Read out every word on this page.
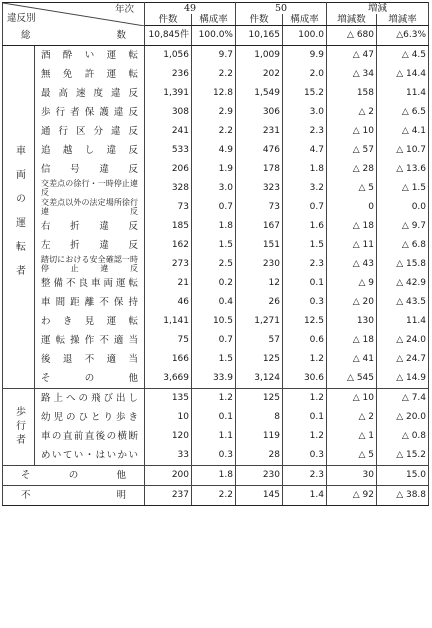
年次
違反別		49		50		増減	
		件数	構成率	件数	構成率	増減数	増減率
総数		10,845件	100.0%	10,165	100.0	△ 680	△6.3%

車両の運転者	酒酔い運転	1,056	9.7	1,009	9.9	△ 47	△ 4.5
	無免許運転	236	2.2	202	2.0	△ 34	△ 14.4
	最高速度違反	1,391	12.8	1,549	15.2	158	11.4
	歩行者保護違反	308	2.9	306	3.0	△ 2	△ 6.5
	通行区分違反	241	2.2	231	2.3	△ 10	△ 4.1
	追越し違反	533	4.9	476	4.7	△ 57	△ 10.7
	信号違反	206	1.9	178	1.8	△ 28	△ 13.6
	交差点の徐行・一時停止違反	328	3.0	323	3.2	△ 5	△ 1.5
	交差点以外の法定場所徐行違反	73	0.7	73	0.7	0	0.0
	右折違反	185	1.8	167	1.6	△ 18	△ 9.7
	左折違反	162	1.5	151	1.5	△ 11	△ 6.8
	踏切における安全確認一時停止違反	273	2.5	230	2.3	△ 43	△ 15.8
	整備不良車両運転	21	0.2	12	0.1	△ 9	△ 42.9
	車間距離不保持	46	0.4	26	0.3	△ 20	△ 43.5
	わき見運転	1,141	10.5	1,271	12.5	130	11.4
	運転操作不適当	75	0.7	57	0.6	△ 18	△ 24.0
	後退不適当	166	1.5	125	1.2	△ 41	△ 24.7
	その他	3,669	33.9	3,124	30.6	△ 545	△ 14.9

歩行者	路上への飛び出し	135	1.2	125	1.2	△ 10	△ 7.4
	幼児のひとり歩き	10	0.1	8	0.1	△ 2	△ 20.0
	車の直前直後の横断	120	1.1	119	1.2	△ 1	△ 0.8
	めいてい・はいかい	33	0.3	28	0.3	△ 5	△ 15.2
その他		200	1.8	230	2.3	30	15.0
不明		237	2.2	145	1.4	△ 92	△ 38.8
